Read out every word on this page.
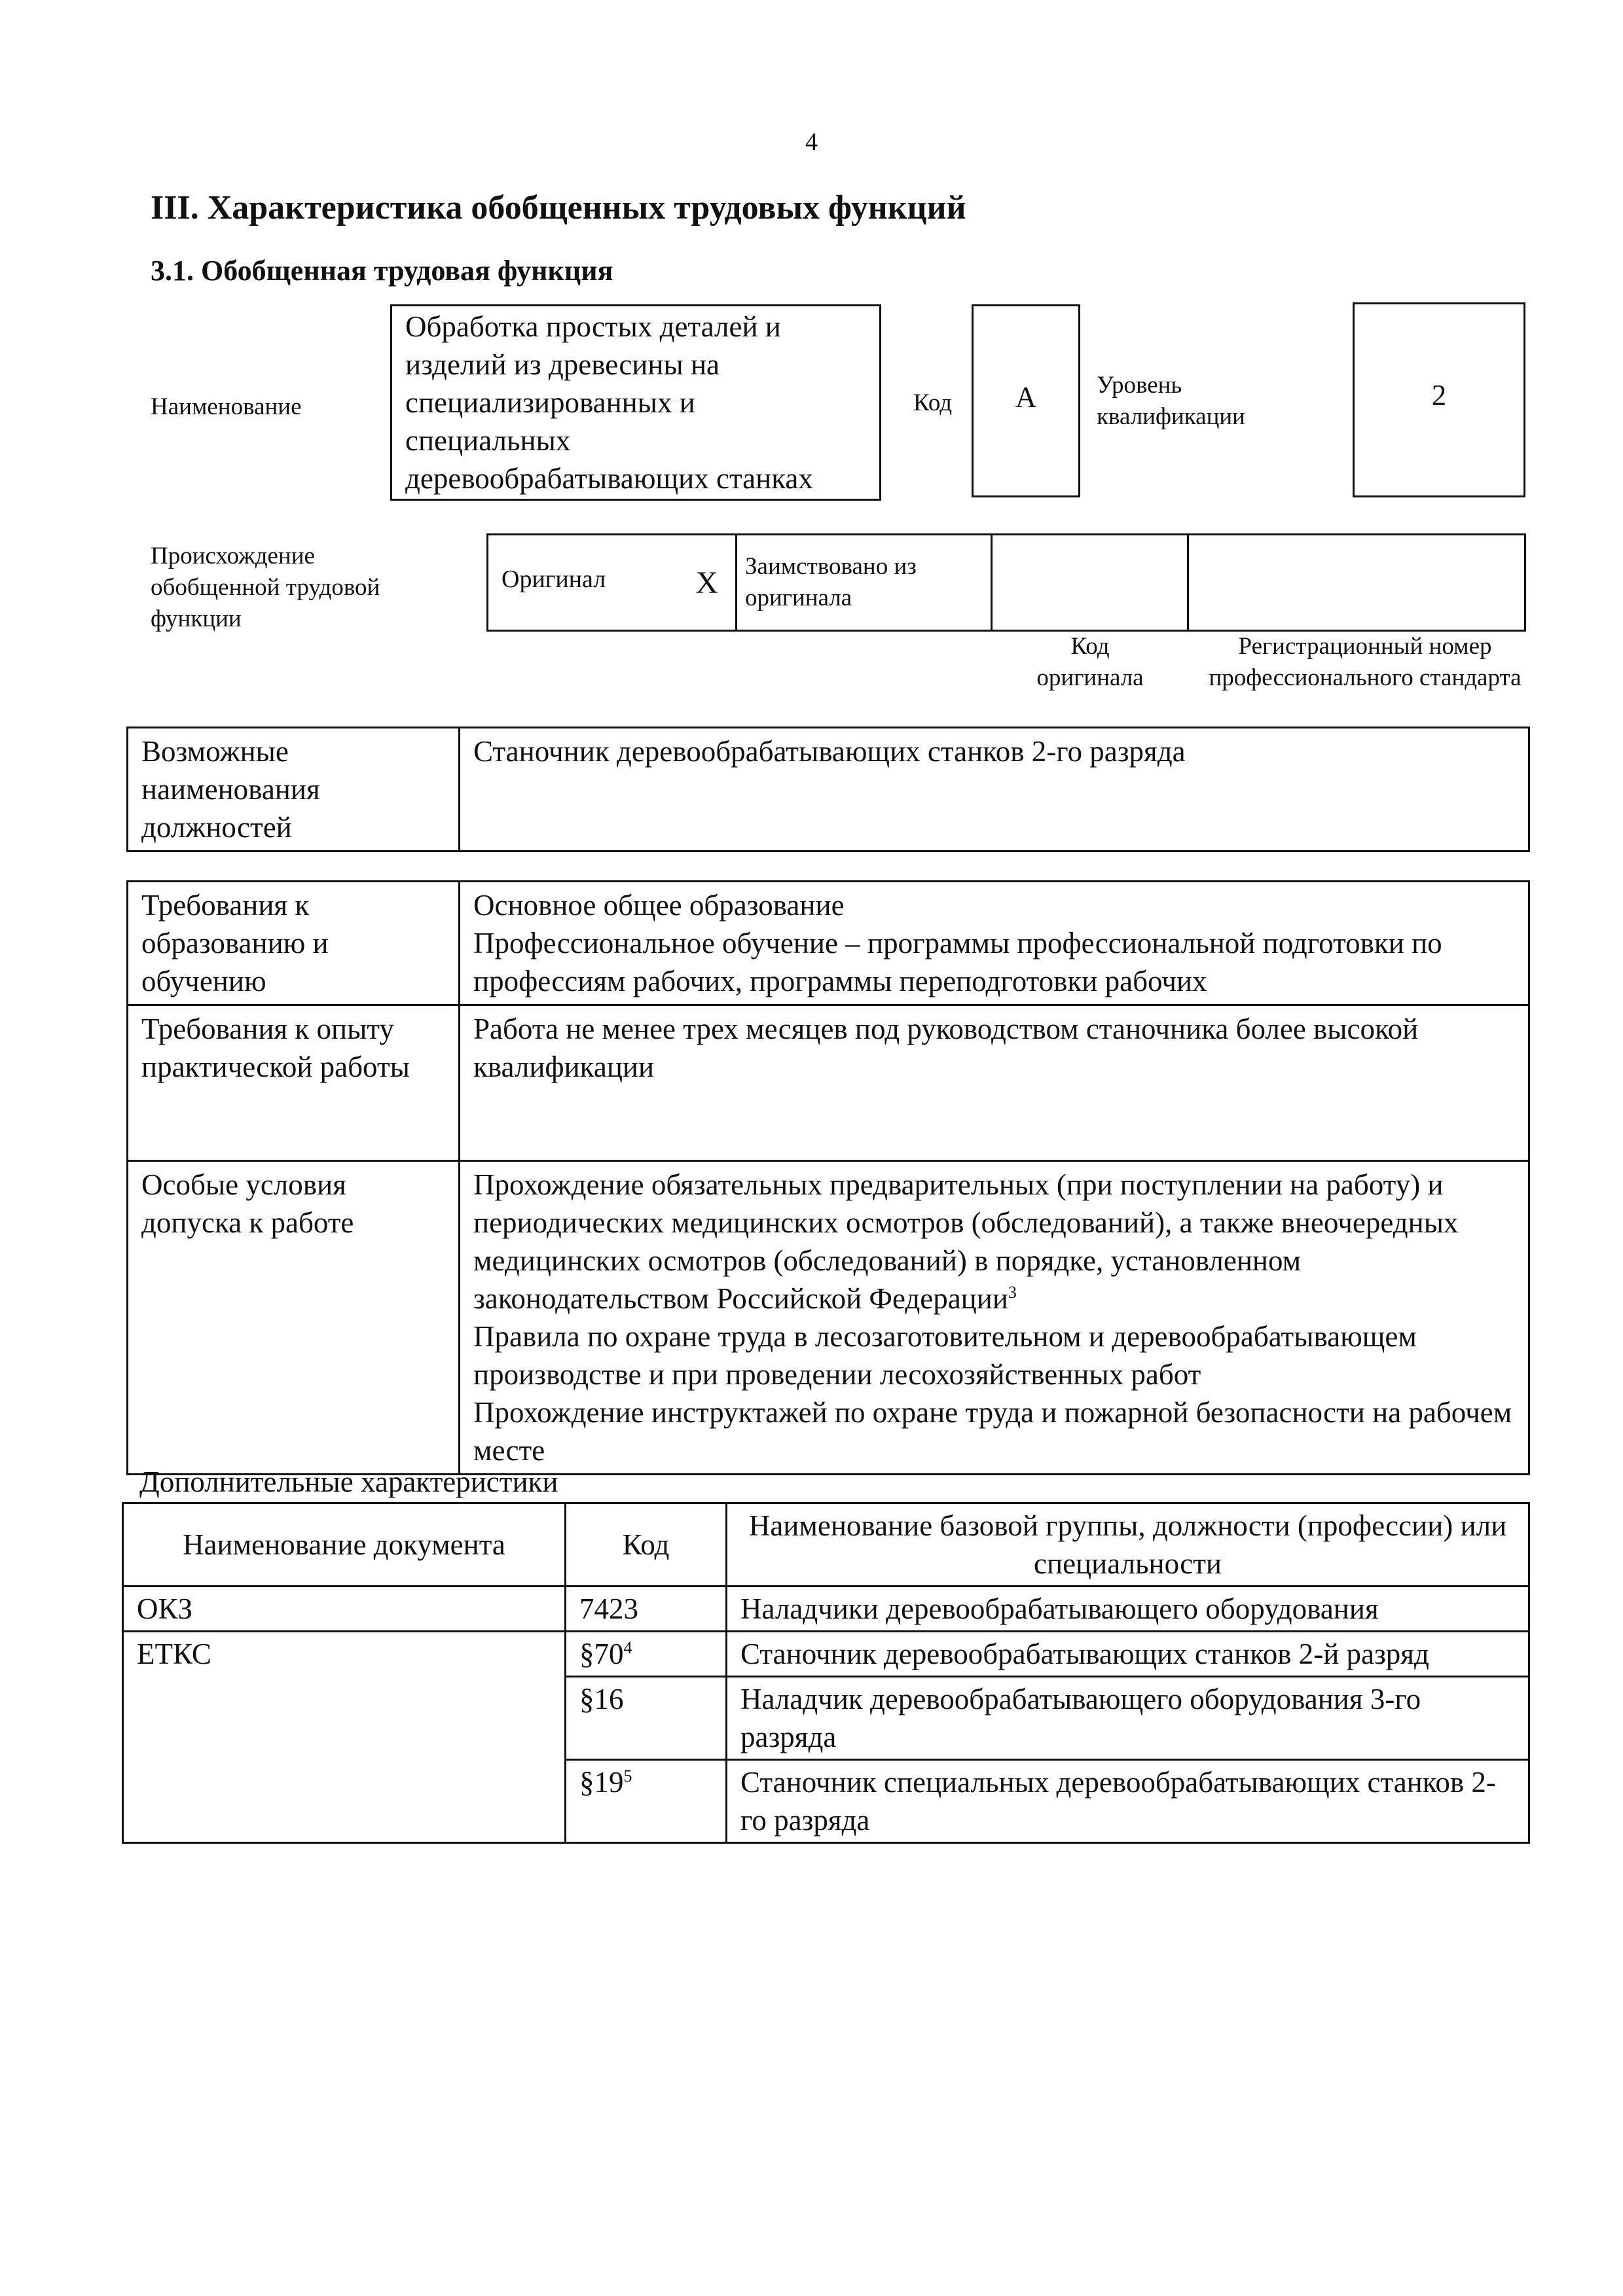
4
III. Характеристика обобщенных трудовых функций
3.1. Обобщенная трудовая функция
Наименование
Обработка простых деталей и изделий из древесины на специализированных и специальных деревообрабатывающих станках
Код	А	Уровень квалификации
2
Происхождение обобщенной трудовой функции
Оригинал	X	Заимствовано из оригинала		
Код оригинала
Регистрационный номер профессионального стандарта
Возможные наименования должностей	Станочник деревообрабатывающих станков 2-го разряда
Требования к образованию и обучению	Основное общее образование
Профессиональное обучение – программы профессиональной подготовки по профессиям рабочих, программы переподготовки рабочих

Требования к опыту практической работы	Работа не менее трех месяцев под руководством станочника более высокой квалификации
Особые условия допуска к работе	Прохождение обязательных предварительных (при поступлении на работу) и периодических медицинских осмотров (обследований), а также внеочередных медицинских осмотров (обследований) в порядке, установленном законодательством Российской Федерации$^3$
Правила по охране труда в лесозаготовительном и деревообрабатывающем производстве и при проведении лесохозяйственных работ
Прохождение инструктажей по охране труда и пожарной безопасности на рабочем месте
Дополнительные характеристики
Наименование документа	Код	Наименование базовой группы, должности (профессии) или специальности
ОКЗ	7423	Наладчики деревообрабатывающего оборудования
ЕТКС	$\S 70^4$	Станочник деревообрабатывающих станков 2-й разряд
	§16	Наладчик деревообрабатывающего оборудования 3-го разряда
	$\S 19^5$	Станочник специальных деревообрабатывающих станков 2-го разряда
